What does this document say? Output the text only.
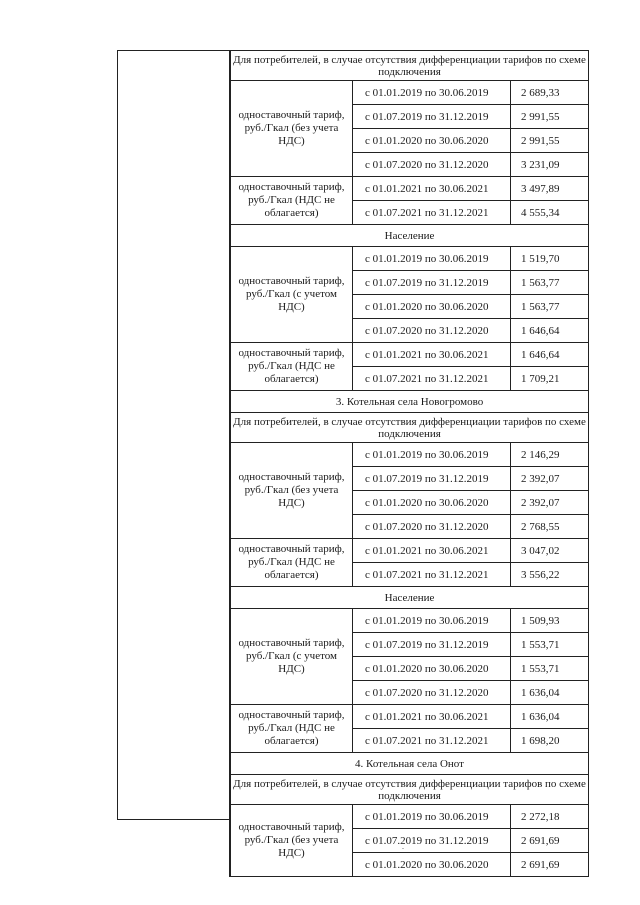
Для потребителей, в случае отсутствия дифференциации тарифов по схеме подключения		
одноставочный тариф, руб./Гкал (без учета НДС)	с 01.01.2019 по 30.06.2019	2 689,33
	с 01.07.2019 по 31.12.2019	2 991,55
	с 01.01.2020 по 30.06.2020	2 991,55
	с 01.07.2020 по 31.12.2020	3 231,09
одноставочный тариф, руб./Гкал (НДС не облагается)	с 01.01.2021 по 30.06.2021	3 497,89
	с 01.07.2021 по 31.12.2021	4 555,34
Население		
одноставочный тариф, руб./Гкал (с учетом НДС)	с 01.01.2019 по 30.06.2019	1 519,70
	с 01.07.2019 по 31.12.2019	1 563,77
	с 01.01.2020 по 30.06.2020	1 563,77
	с 01.07.2020 по 31.12.2020	1 646,64
одноставочный тариф, руб./Гкал (НДС не облагается)	с 01.01.2021 по 30.06.2021	1 646,64
	с 01.07.2021 по 31.12.2021	1 709,21
3. Котельная села Новогромово		
Для потребителей, в случае отсутствия дифференциации тарифов по схеме подключения		
одноставочный тариф, руб./Гкал (без учета НДС)	с 01.01.2019 по 30.06.2019	2 146,29
	с 01.07.2019 по 31.12.2019	2 392,07
	с 01.01.2020 по 30.06.2020	2 392,07
	с 01.07.2020 по 31.12.2020	2 768,55
одноставочный тариф, руб./Гкал (НДС не облагается)	с 01.01.2021 по 30.06.2021	3 047,02
	с 01.07.2021 по 31.12.2021	3 556,22
Население		
одноставочный тариф, руб./Гкал (с учетом НДС)	с 01.01.2019 по 30.06.2019	1 509,93
	с 01.07.2019 по 31.12.2019	1 553,71
	с 01.01.2020 по 30.06.2020	1 553,71
	с 01.07.2020 по 31.12.2020	1 636,04
одноставочный тариф, руб./Гкал (НДС не облагается)	с 01.01.2021 по 30.06.2021	1 636,04
	с 01.07.2021 по 31.12.2021	1 698,20
4. Котельная села Онот		
Для потребителей, в случае отсутствия дифференциации тарифов по схеме подключения		
одноставочный тариф, руб./Гкал (без учета НДС)	с 01.01.2019 по 30.06.2019	2 272,18
	с 01.07.2019 по 31.12.2019	2 691,69
	с 01.01.2020 по 30.06.2020	2 691,69
